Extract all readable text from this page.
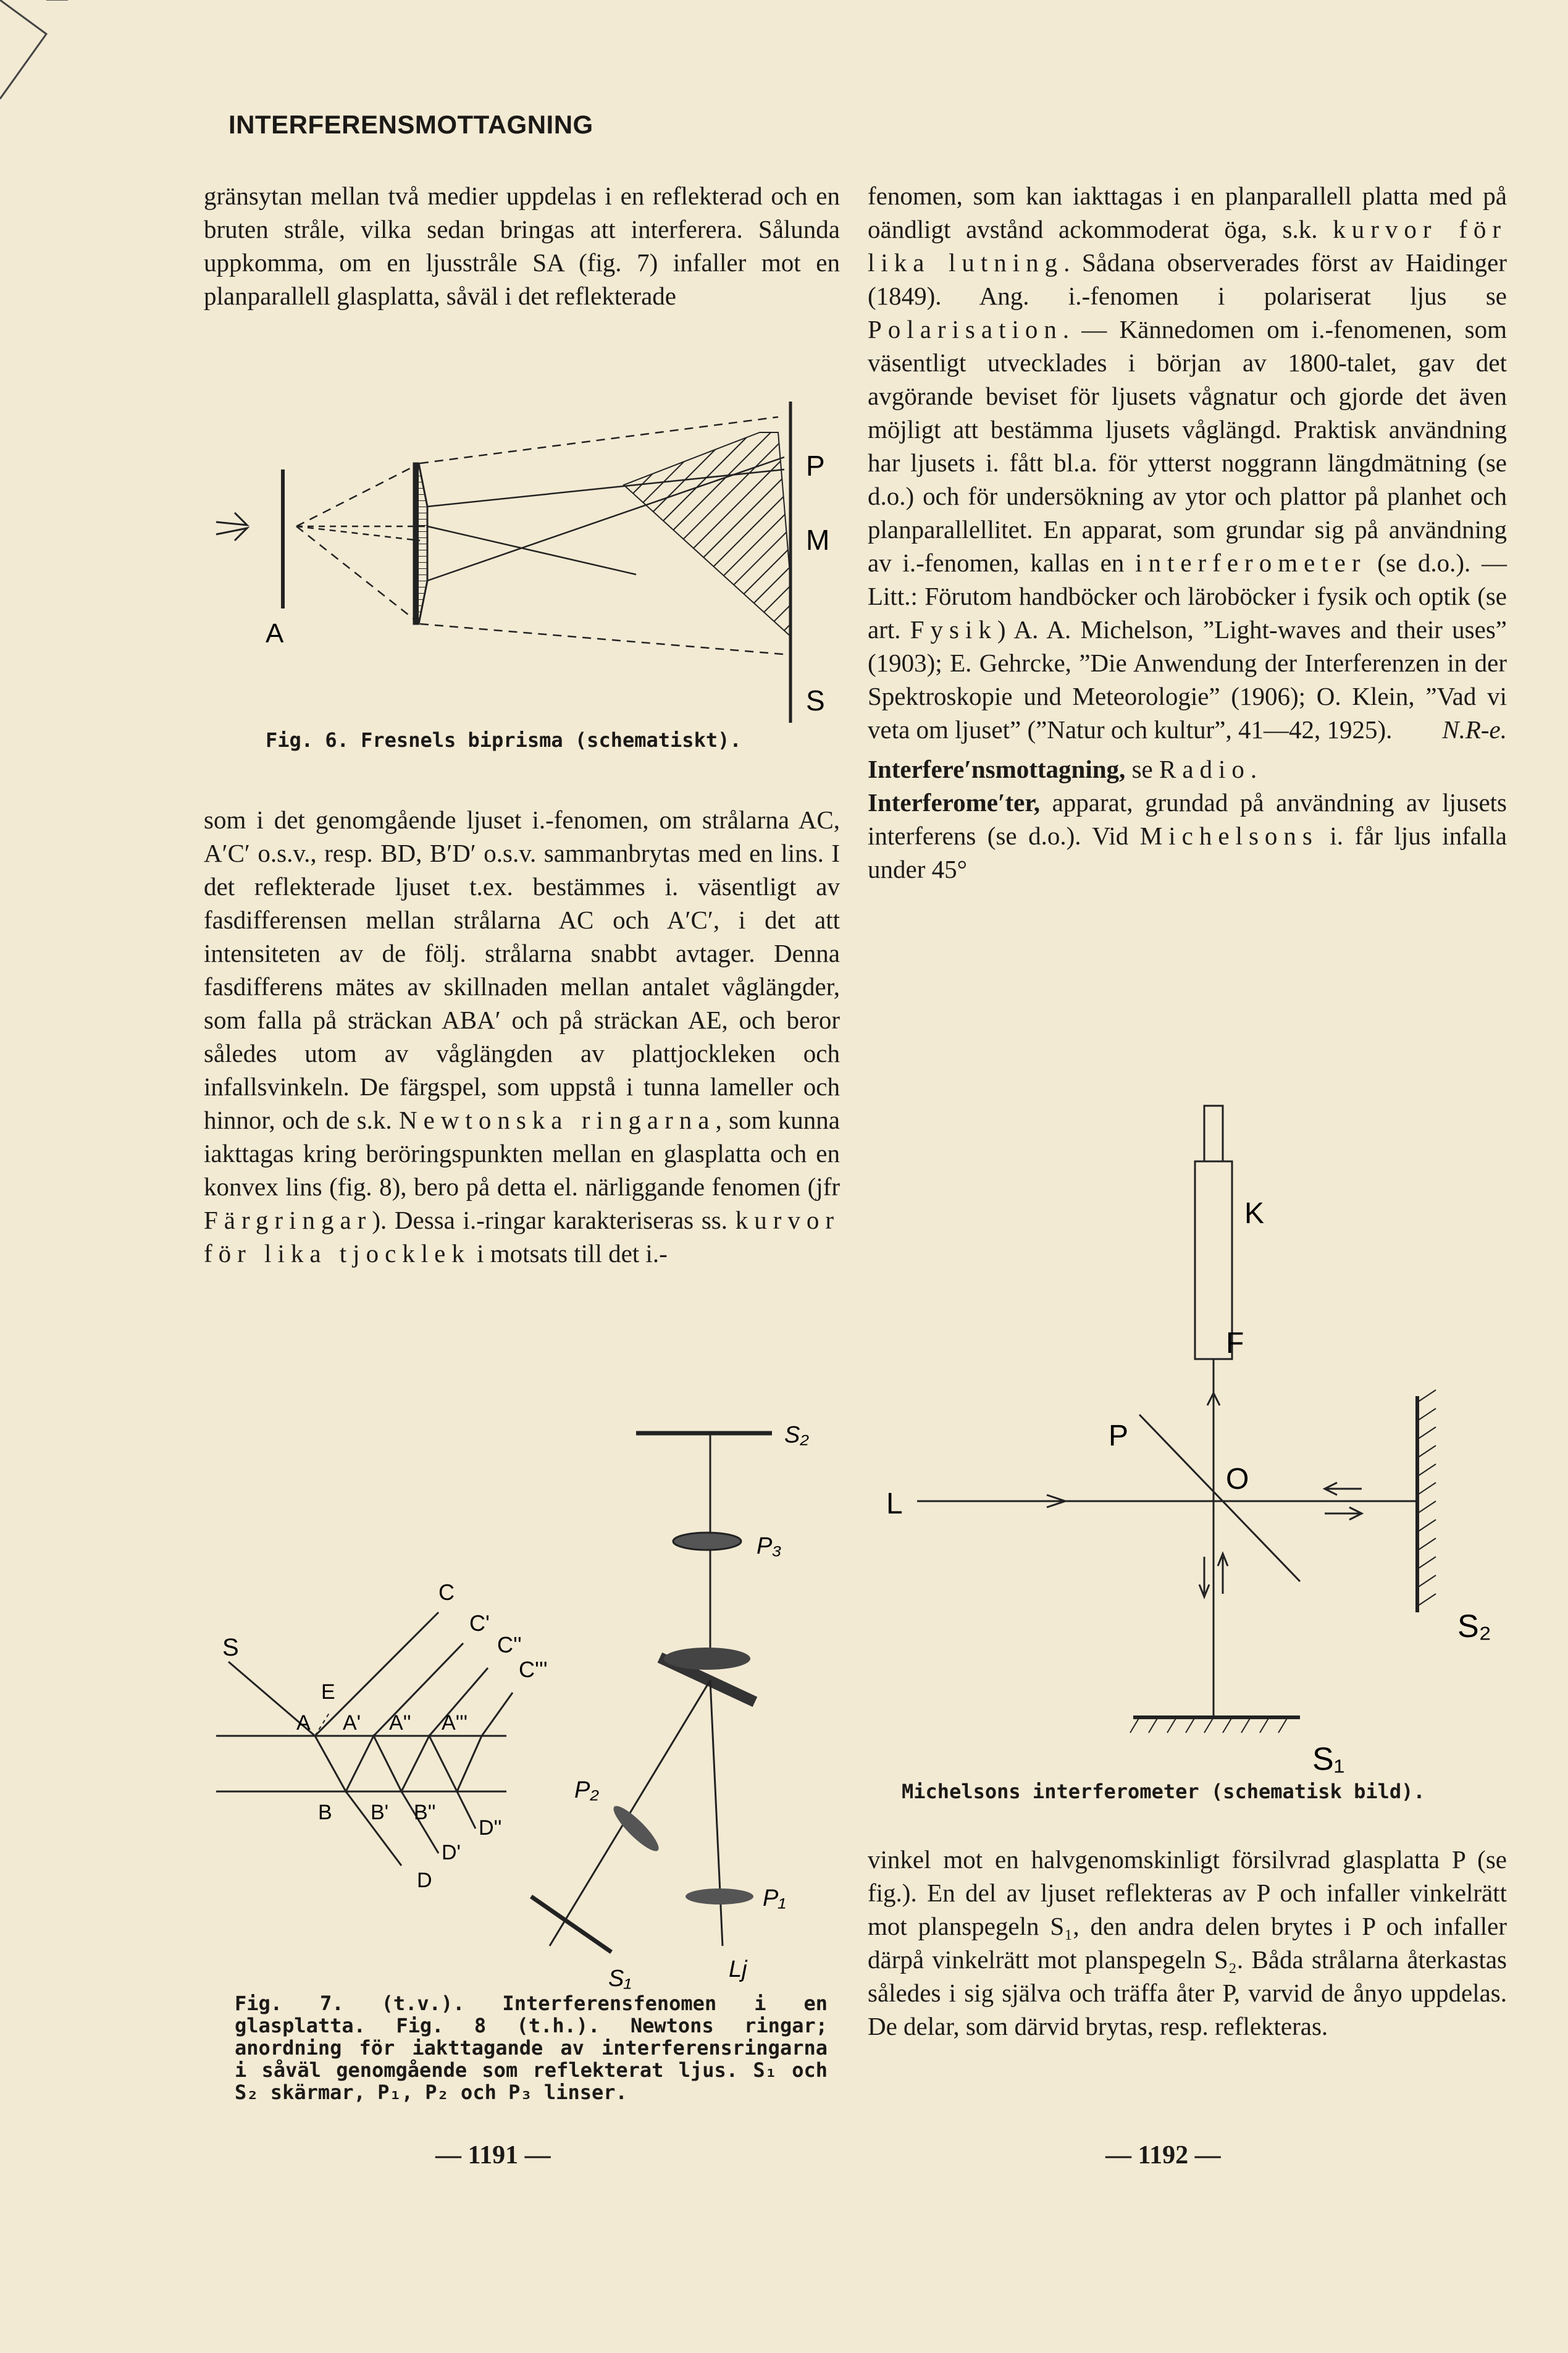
INTERFERENSMOTTAGNING

gränsytan mellan två medier uppdelas i en reflekterad och en bruten stråle, vilka sedan bringas att interferera. Sålunda uppkomma, om en ljusstråle SA (fig. 7) infaller mot en planparallell glasplatta, såväl i det reflekterade

A
P
M
S
Fig. 6. Fresnels biprisma (schematiskt).

som i det genomgående ljuset i.-fenomen, om strålarna AC, A′C′ o.s.v., resp. BD, B′D′ o.s.v. sammanbrytas med en lins. I det reflekterade ljuset t.ex. bestämmes i. väsentligt av fasdifferensen mellan strålarna AC och A′C′, i det att intensiteten av de följ. strålarna snabbt avtager. Denna fasdifferens mätes av skillnaden mellan antalet våglängder, som falla på sträckan ABA′ och på sträckan AE, och beror således utom av våglängden av plattjockleken och infallsvinkeln. De färgspel, som uppstå i tunna lameller och hinnor, och de s.k. Newtonska ringarna, som kunna iakttagas kring beröringspunkten mellan en glasplatta och en konvex lins (fig. 8), bero på detta el. närliggande fenomen (jfr Färgringar). Dessa i.-ringar karakteriseras ss. kurvor för lika tjocklek i motsats till det i.-

S
E
A A' A'' A'''
C
C'
C''
C'''
B B' B''
D
D'
D''
S₂
P₃
P₂
P₁
S₁	Lj
Fig. 7. (t.v.). Interferensfenomen i en glasplatta. Fig. 8 (t.h.). Newtons ringar; anordning för iakttagande av interferensringarna i såväl genomgående som reflekterat ljus. S₁ och S₂ skärmar, P₁, P₂ och P₃ linser.

fenomen, som kan iakttagas i en planparallell platta med på oändligt avstånd ackommoderat öga, s.k. kurvor för lika lutning. Sådana observerades först av Haidinger (1849). Ang. i.-fenomen i polariserat ljus se Polarisation. — Kännedomen om i.-fenomenen, som väsentligt utvecklades i början av 1800-talet, gav det avgörande beviset för ljusets vågnatur och gjorde det även möjligt att bestämma ljusets våglängd. Praktisk användning har ljusets i. fått bl.a. för ytterst noggrann längdmätning (se d.o.) och för undersökning av ytor och plattor på planhet och planparallellitet. En apparat, som grundar sig på användning av i.-fenomen, kallas en interferometer (se d.o.). — Litt.: Förutom handböcker och läroböcker i fysik och optik (se art. Fysik) A. A. Michelson, ”Light-waves and their uses” (1903); E. Gehrcke, ”Die Anwendung der Interferenzen in der Spektroskopie und Meteorologie” (1906); O. Klein, ”Vad vi veta om ljuset” (”Natur och kultur”, 41—42, 1925). N.R-e.

Interfere′nsmottagning, se Radio.

Interferome′ter, apparat, grundad på användning av ljusets interferens (se d.o.). Vid Michelsons i. får ljus infalla under 45°

K
F
P
O
L
S₂
S₁
Michelsons interferometer (schematisk bild).

vinkel mot en halvgenomskinligt försilvrad glasplatta P (se fig.). En del av ljuset reflekteras av P och infaller vinkelrätt mot planspegeln S₁, den andra delen brytes i P och infaller därpå vinkelrätt mot planspegeln S₂. Båda strålarna återkastas således i sig själva och träffa åter P, varvid de ånyo uppdelas. De delar, som därvid brytas, resp. reflekteras.

— 1191 —	— 1192 —
